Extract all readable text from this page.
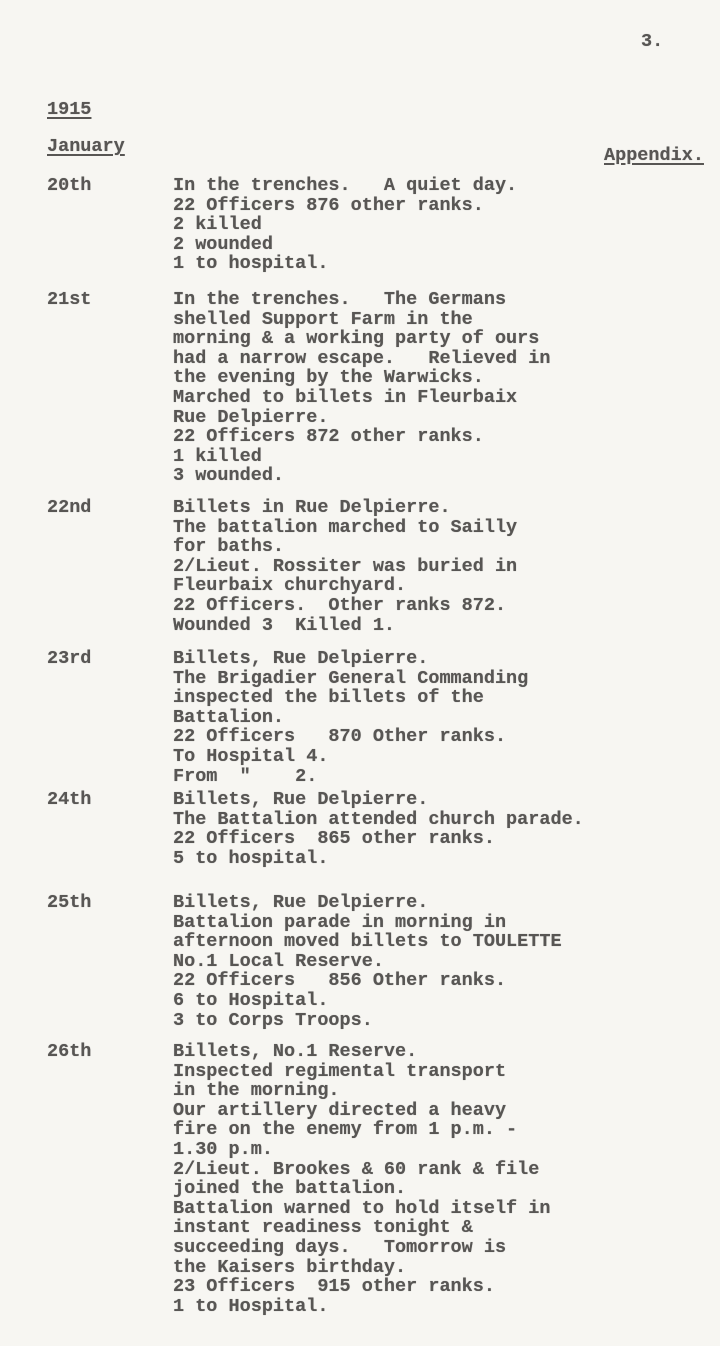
3.
1915
January	Appendix.
20th	In the trenches.   A quiet day.
22 Officers 876 other ranks.
2 killed
2 wounded
1 to hospital.
21st	In the trenches.   The Germans
shelled Support Farm in the
morning & a working party of ours
had a narrow escape.   Relieved in
the evening by the Warwicks.
Marched to billets in Fleurbaix
Rue Delpierre.
22 Officers 872 other ranks.
1 killed
3 wounded.
22nd	Billets in Rue Delpierre.
The battalion marched to Sailly
for baths.
2/Lieut. Rossiter was buried in
Fleurbaix churchyard.
22 Officers.  Other ranks 872.
Wounded 3  Killed 1.
23rd	Billets, Rue Delpierre.
The Brigadier General Commanding
inspected the billets of the
Battalion.
22 Officers   870 Other ranks.
To Hospital 4.
From  "    2.
24th	Billets, Rue Delpierre.
The Battalion attended church parade.
22 Officers  865 other ranks.
5 to hospital.
25th	Billets, Rue Delpierre.
Battalion parade in morning in
afternoon moved billets to TOULETTE
No.1 Local Reserve.
22 Officers   856 Other ranks.
6 to Hospital.
3 to Corps Troops.
26th	Billets, No.1 Reserve.
Inspected regimental transport
in the morning.
Our artillery directed a heavy
fire on the enemy from 1 p.m. -
1.30 p.m.
2/Lieut. Brookes & 60 rank & file
joined the battalion.
Battalion warned to hold itself in
instant readiness tonight &
succeeding days.   Tomorrow is
the Kaisers birthday.
23 Officers  915 other ranks.
1 to Hospital.
